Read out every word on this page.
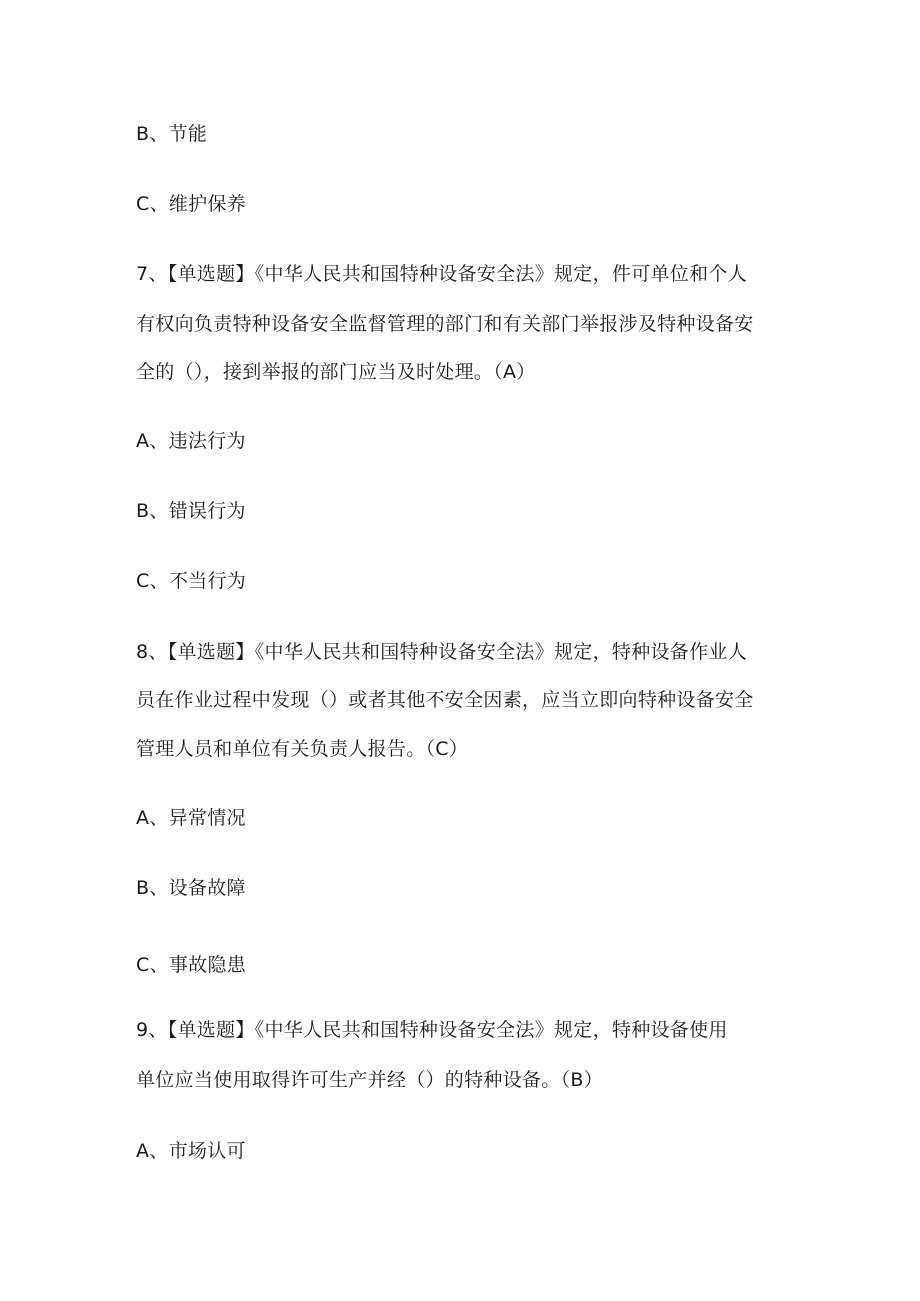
B、节能
C、维护保养
7、【单选题】《中华人民共和国特种设备安全法》规定，件可单位和个人
有权向负责特种设备安全监督管理的部门和有关部门举报涉及特种设备安
全的（），接到举报的部门应当及时处理。（A）
A、违法行为
B、错误行为
C、不当行为
8、【单选题】《中华人民共和国特种设备安全法》规定，特种设备作业人
员在作业过程中发现（）或者其他不安全因素，应当立即向特种设备安全
管理人员和单位有关负责人报告。（C）
A、异常情况
B、设备故障
C、事故隐患
9、【单选题】《中华人民共和国特种设备安全法》规定，特种设备使用
单位应当使用取得许可生产并经（）的特种设备。（B）
A、市场认可
